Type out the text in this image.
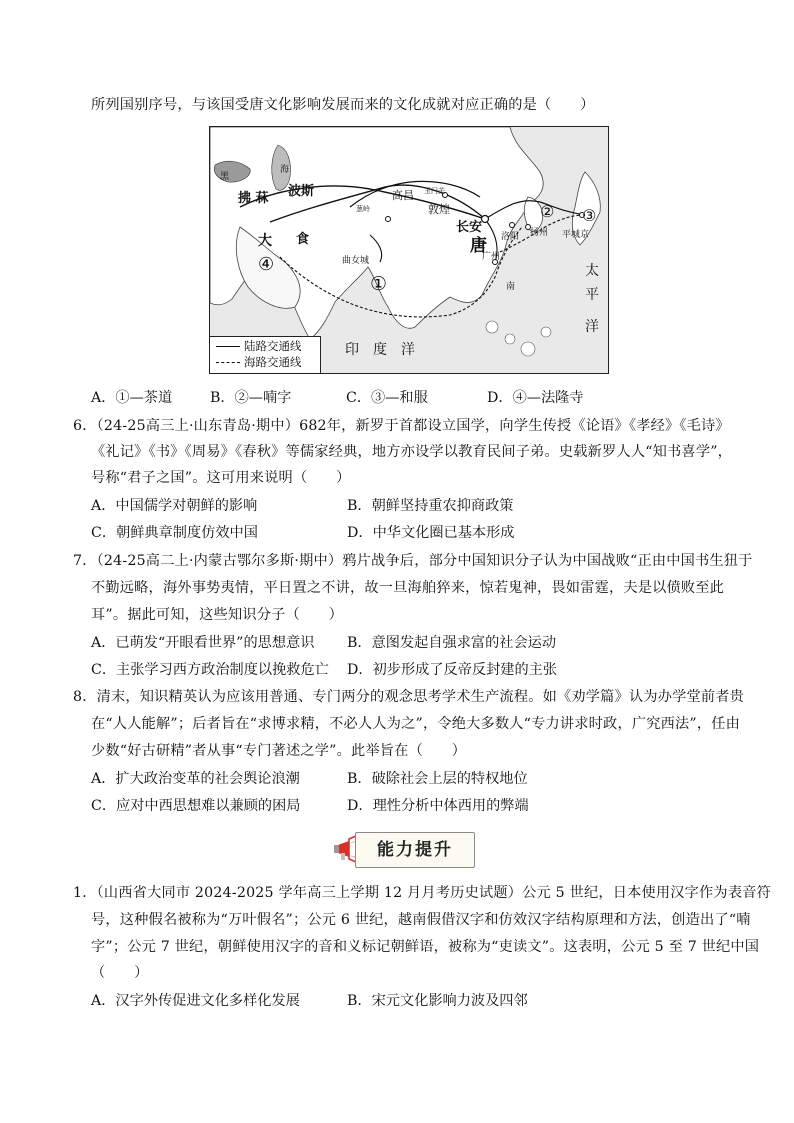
所列国别序号，与该国受唐文化影响发展而来的文化成就对应正确的是（　　）
拂 菻 波斯
食
大
长安
唐
高昌
敦煌
玉门关
葱岭
曲女城
洛阳 扬州
广州
平城京
太
平
洋
印　度　洋
黑
海
南
①
② ③
④
陆路交通线
海路交通线
A．①—茶道	B．②—喃字	C．③—和服	D．④—法隆寺
6．（24-25高三上·山东青岛·期中）682年，新罗于首都设立国学，向学生传授《论语》《孝经》《毛诗》
《礼记》《书》《周易》《春秋》等儒家经典，地方亦设学以教育民间子弟。史载新罗人人“知书喜学”，
号称“君子之国”。这可用来说明（　　）
A．中国儒学对朝鲜的影响	B．朝鲜坚持重农抑商政策
C．朝鲜典章制度仿效中国	D．中华文化圈已基本形成
7．（24-25高二上·内蒙古鄂尔多斯·期中）鸦片战争后，部分中国知识分子认为中国战败“正由中国书生狃于
不勤远略，海外事势夷情，平日置之不讲，故一旦海舶猝来，惊若鬼神，畏如雷霆，夫是以偾败至此
耳”。据此可知，这些知识分子（　　）
A．已萌发“开眼看世界”的思想意识 B．意图发起自强求富的社会运动
C．主张学习西方政治制度以挽救危亡 D．初步形成了反帝反封建的主张
8．清末，知识精英认为应该用普通、专门两分的观念思考学术生产流程。如《劝学篇》认为办学堂前者贵
在“人人能解”；后者旨在“求博求精，不必人人为之”，令绝大多数人“专力讲求时政，广究西法”，任由
少数“好古研精”者从事“专门著述之学”。此举旨在（　　）
A．扩大政治变革的社会舆论浪潮	B．破除社会上层的特权地位
C．应对中西思想难以兼顾的困局	D．理性分析中体西用的弊端
能力提升
1．（山西省大同市 2024-2025 学年高三上学期 12 月月考历史试题）公元 5 世纪，日本使用汉字作为表音符
号，这种假名被称为“万叶假名”；公元 6 世纪，越南假借汉字和仿效汉字结构原理和方法，创造出了“喃
字”；公元 7 世纪，朝鲜使用汉字的音和义标记朝鲜语，被称为“吏读文”。这表明，公元 5 至 7 世纪中国
（　　）
A．汉字外传促进文化多样化发展	B．宋元文化影响力波及四邻
